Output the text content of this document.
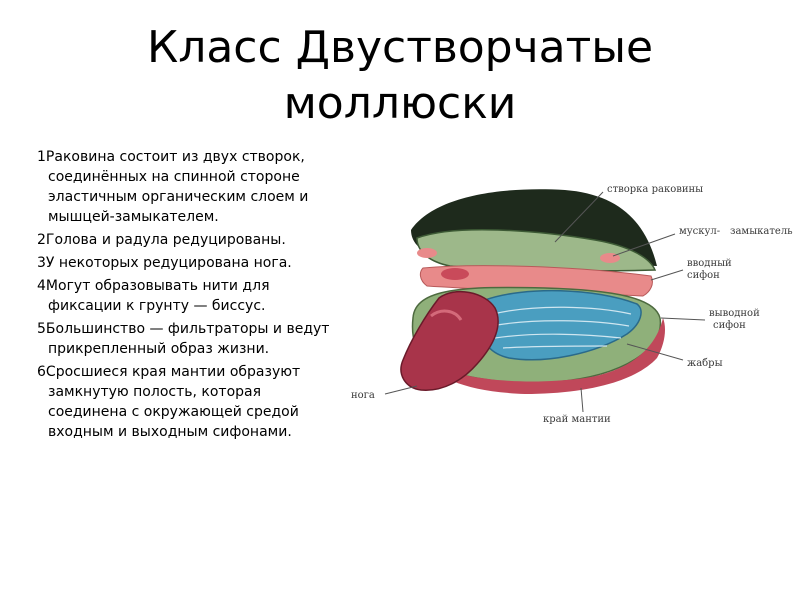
Класс Двустворчатые
моллюски
1Раковина состоит из двух створок, соединённых на спинной стороне эластичным органическим слоем и мышцей-замыкателем.
2Голова и радула редуцированы.
3У некоторых редуцирована нога.
4Могут образовывать нити для фиксации к грунту — биссус.
5Большинство — фильтраторы и ведут прикрепленный образ жизни.
6Сросшиеся края мантии образуют замкнутую полость, которая соединена с окружающей средой входным и выходным сифонами.
створка раковины
мускул- замыкатель
вводный
сифон
выводной
сифон
жабры
нога
край мантии
